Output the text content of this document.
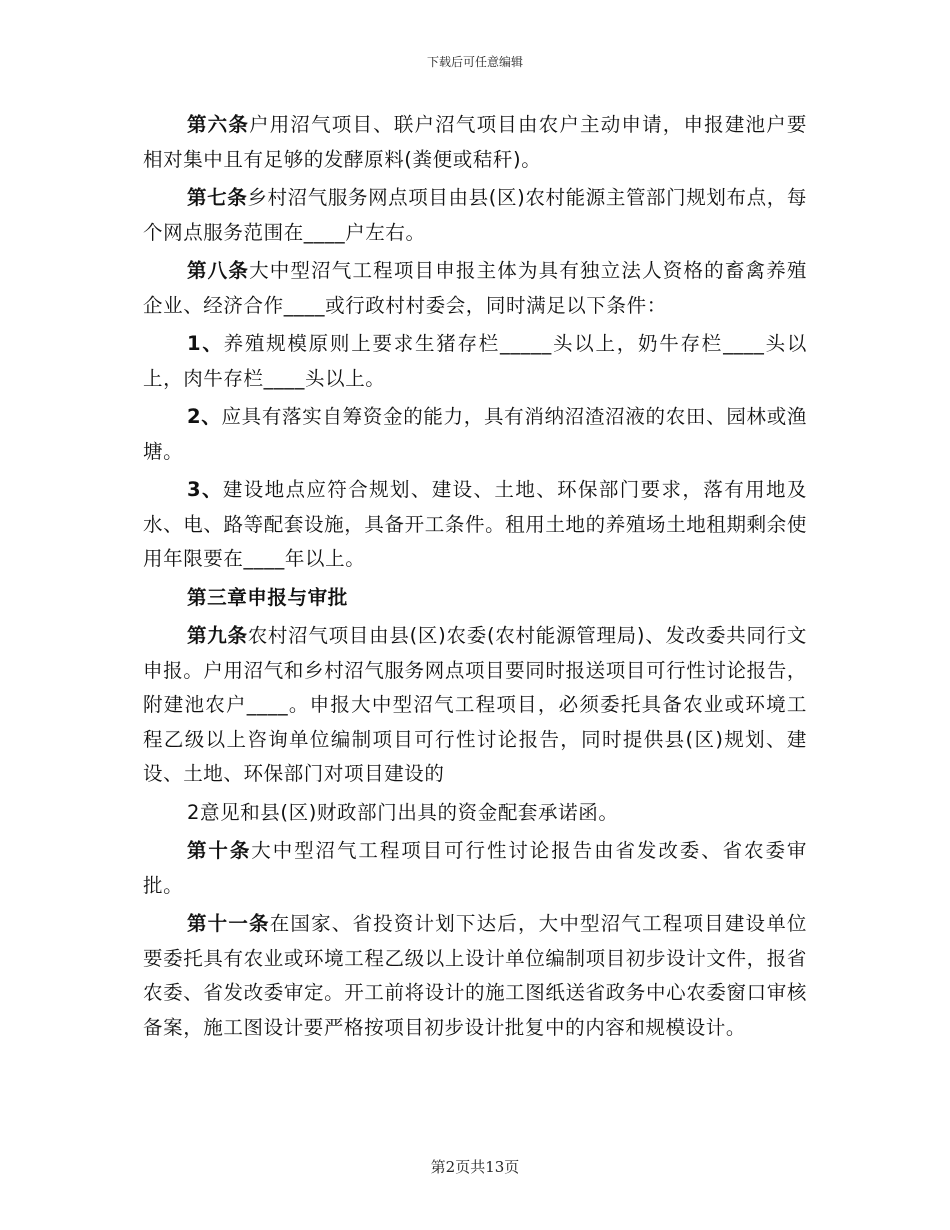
下载后可任意编辑

第六条户用沼气项目、联户沼气项目由农户主动申请，申报建池户要相对集中且有足够的发酵原料(粪便或秸秆)。

第七条乡村沼气服务网点项目由县(区)农村能源主管部门规划布点，每个网点服务范围在____户左右。

第八条大中型沼气工程项目申报主体为具有独立法人资格的畜禽养殖企业、经济合作____或行政村村委会，同时满足以下条件：

1、养殖规模原则上要求生猪存栏_____头以上，奶牛存栏____头以上，肉牛存栏____头以上。

2、应具有落实自筹资金的能力，具有消纳沼渣沼液的农田、园林或渔塘。

3、建设地点应符合规划、建设、土地、环保部门要求，落有用地及水、电、路等配套设施，具备开工条件。租用土地的养殖场土地租期剩余使用年限要在____年以上。

第三章申报与审批

第九条农村沼气项目由县(区)农委(农村能源管理局)、发改委共同行文申报。户用沼气和乡村沼气服务网点项目要同时报送项目可行性讨论报告，附建池农户____。申报大中型沼气工程项目，必须委托具备农业或环境工程乙级以上咨询单位编制项目可行性讨论报告，同时提供县(区)规划、建设、土地、环保部门对项目建设的

2意见和县(区)财政部门出具的资金配套承诺函。

第十条大中型沼气工程项目可行性讨论报告由省发改委、省农委审批。

第十一条在国家、省投资计划下达后，大中型沼气工程项目建设单位要委托具有农业或环境工程乙级以上设计单位编制项目初步设计文件，报省农委、省发改委审定。开工前将设计的施工图纸送省政务中心农委窗口审核备案，施工图设计要严格按项目初步设计批复中的内容和规模设计。

第2页共13页
